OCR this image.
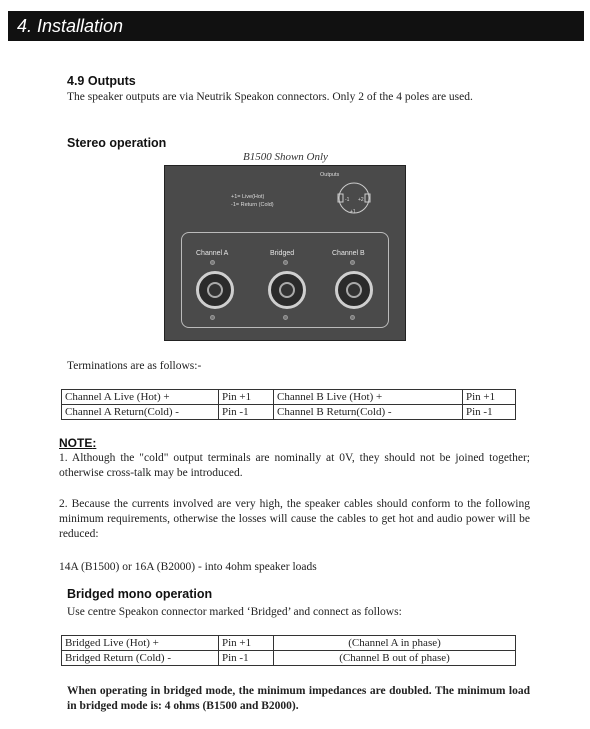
4. Installation
4.9 Outputs
The speaker outputs are via Neutrik Speakon connectors. Only 2 of the 4 poles are used.
Stereo operation
B1500 Shown Only
Outputs
-1 +2
+1
+1= Live(Hot)
-1= Return (Cold)
Channel A	Bridged	Channel B
Terminations are as follows:-
Channel A Live (Hot) +	Pin +1	Channel B Live (Hot) +	Pin +1
Channel A Return(Cold) -	Pin -1	Channel B Return(Cold) -	Pin -1
NOTE:
1. Although the "cold" output terminals are nominally at 0V, they should not be joined together; otherwise cross-talk may be introduced.
2. Because the currents involved are very high, the speaker cables should conform to the following minimum requirements, otherwise the losses will cause the cables to get hot and audio power will be reduced:
14A (B1500) or 16A (B2000) - into 4ohm speaker loads
Bridged mono operation
Use centre Speakon connector marked ‘Bridged’ and connect as follows:
Bridged Live (Hot) +	Pin +1	(Channel A in phase)
Bridged Return (Cold) -	Pin -1	(Channel B out of phase)
When operating in bridged mode, the minimum impedances are doubled. The minimum load in bridged mode is: 4 ohms (B1500 and B2000).
